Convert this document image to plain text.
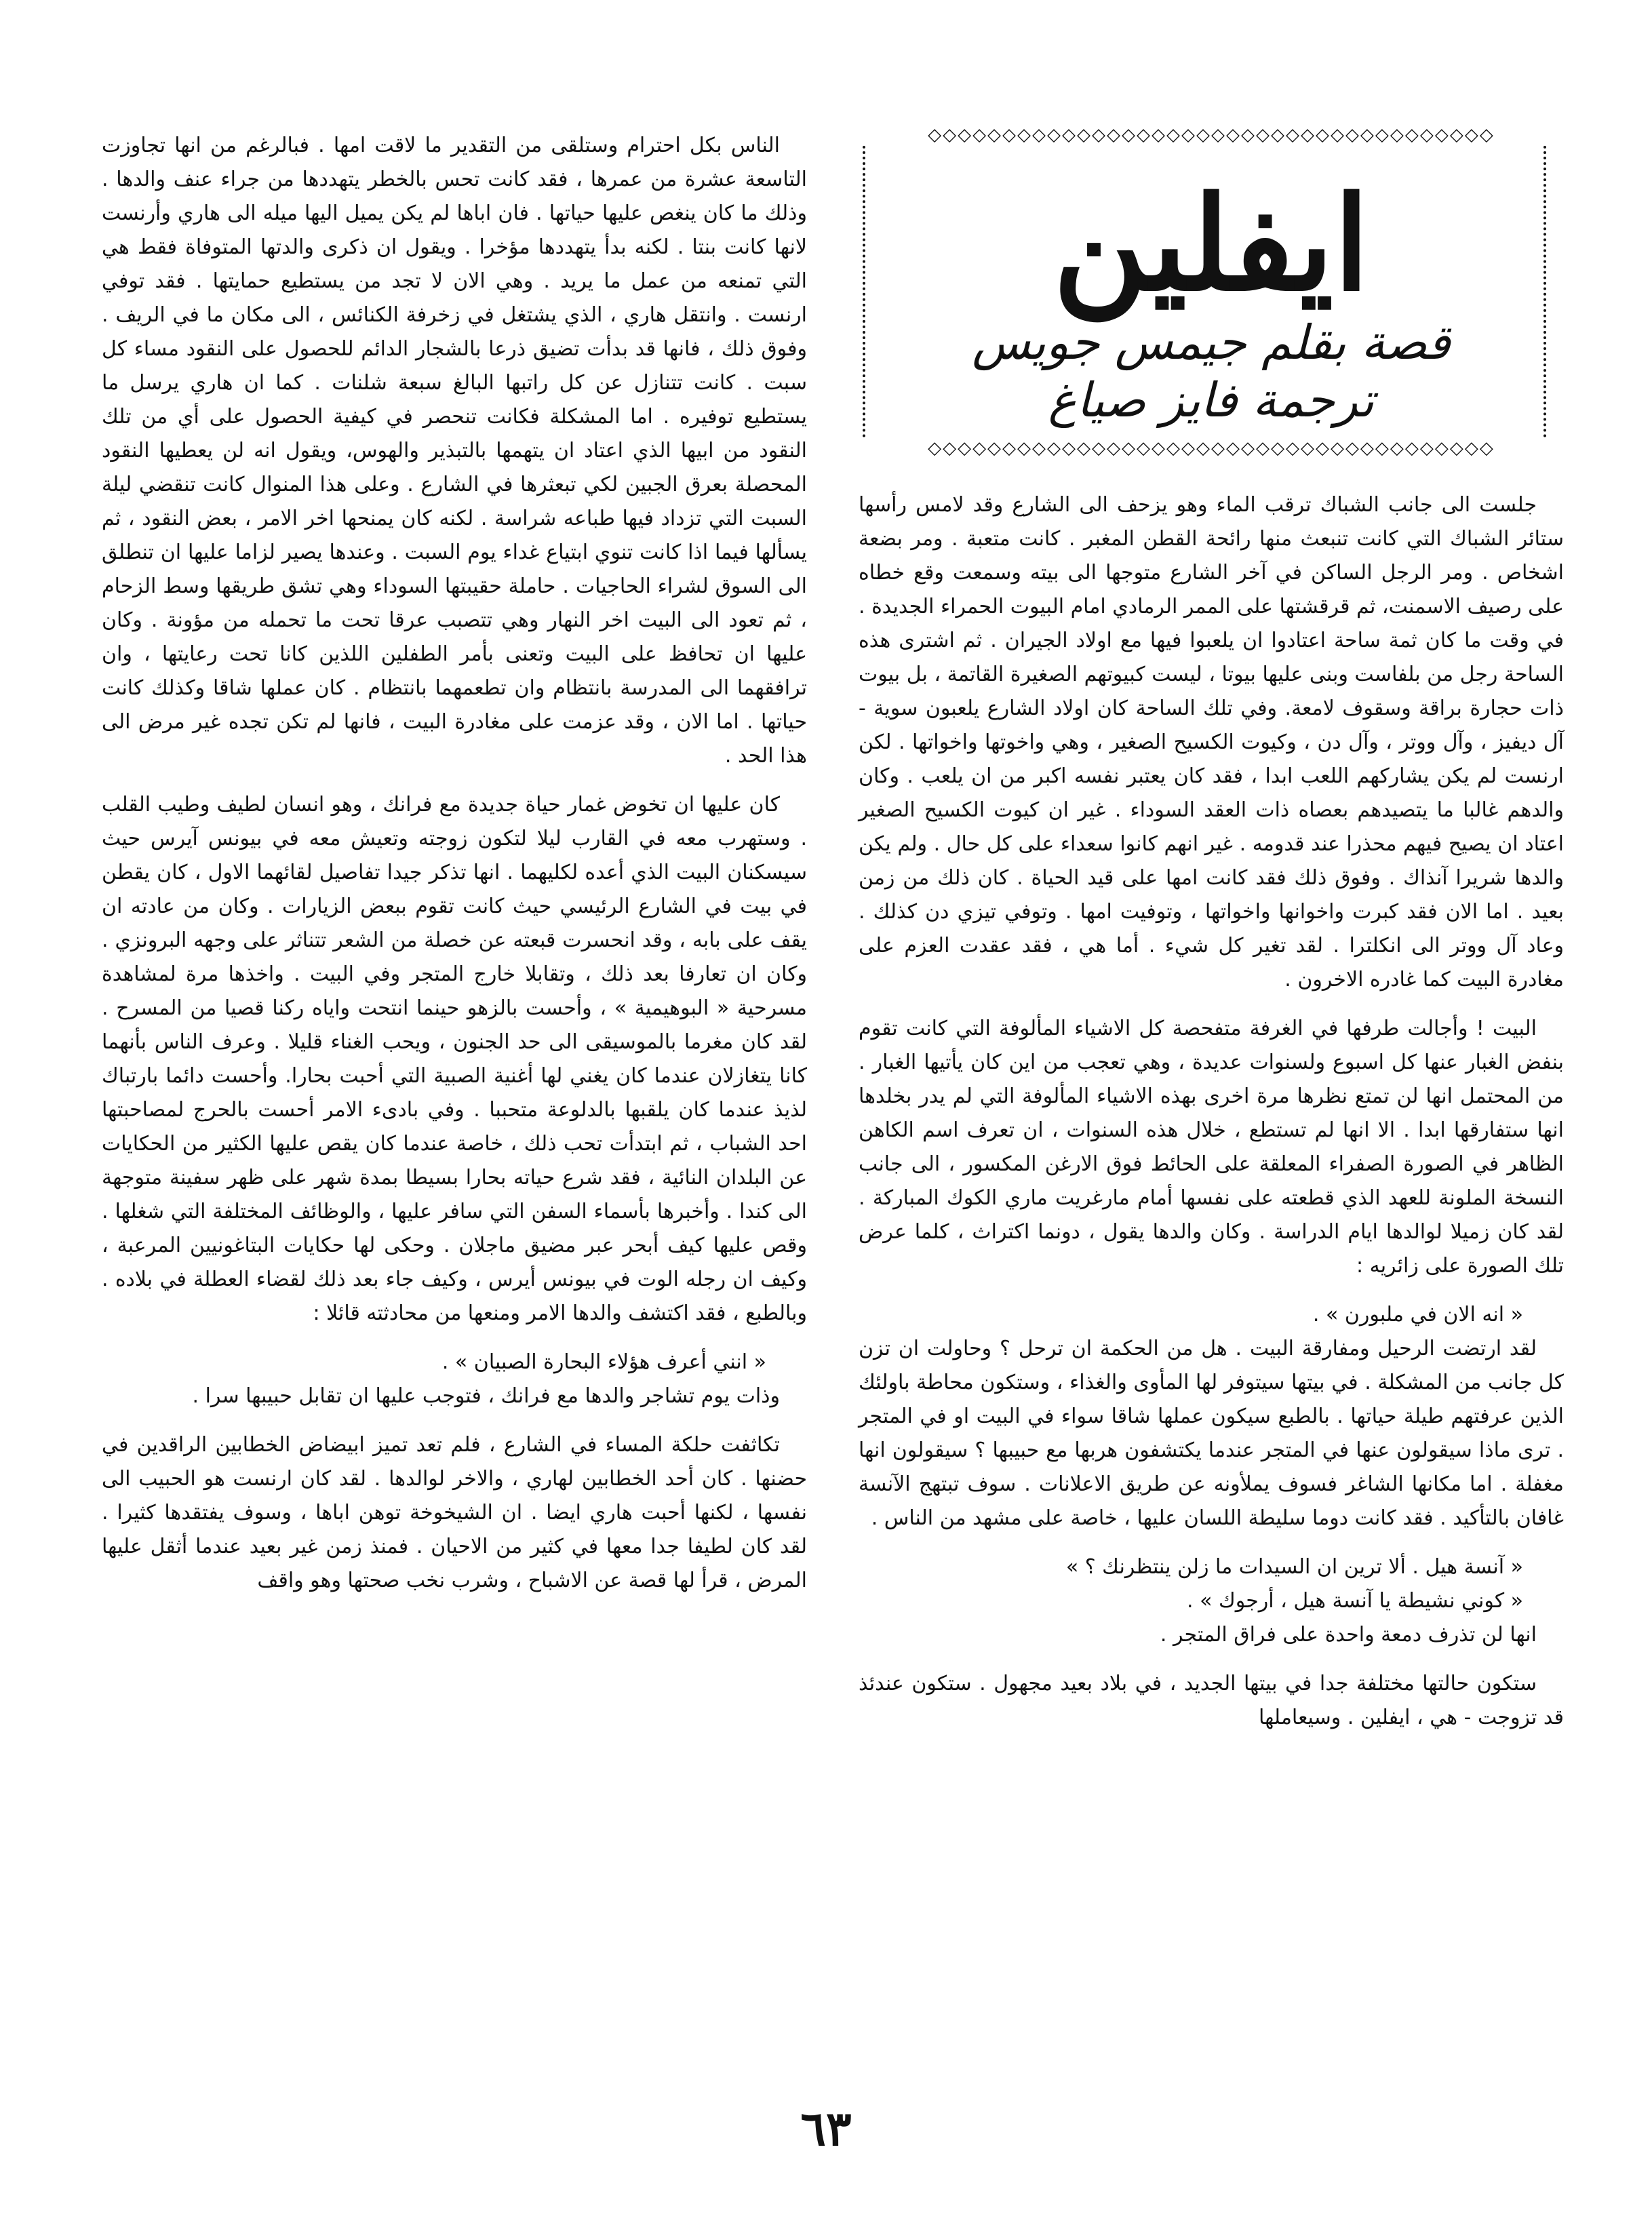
◇◇◇◇◇◇◇◇◇◇◇◇◇◇◇◇◇◇◇◇◇◇◇◇◇◇◇◇◇◇◇◇◇◇◇◇◇◇
ايفلين
قصة بقلم جيمس جويس
ترجمة فايز صياغ
◇◇◇◇◇◇◇◇◇◇◇◇◇◇◇◇◇◇◇◇◇◇◇◇◇◇◇◇◇◇◇◇◇◇◇◇◇◇

جلست الى جانب الشباك ترقب الماء وهو يزحف الى الشارع وقد لامس رأسها ستائر الشباك التي كانت تنبعث منها رائحة القطن المغبر . كانت متعبة . ومر بضعة اشخاص . ومر الرجل الساكن في آخر الشارع متوجها الى بيته وسمعت وقع خطاه على رصيف الاسمنت، ثم قرقشتها على الممر الرمادي امام البيوت الحمراء الجديدة . في وقت ما كان ثمة ساحة اعتادوا ان يلعبوا فيها مع اولاد الجيران . ثم اشترى هذه الساحة رجل من بلفاست وبنى عليها بيوتا ، ليست كبيوتهم الصغيرة القاتمة ، بل بيوت ذات حجارة براقة وسقوف لامعة. وفي تلك الساحة كان اولاد الشارع يلعبون سوية - آل ديفيز ، وآل ووتر ، وآل دن ، وكيوت الكسيح الصغير ، وهي واخوتها واخواتها . لكن ارنست لم يكن يشاركهم اللعب ابدا ، فقد كان يعتبر نفسه اكبر من ان يلعب . وكان والدهم غالبا ما يتصيدهم بعصاه ذات العقد السوداء . غير ان كيوت الكسيح الصغير اعتاد ان يصيح فيهم محذرا عند قدومه . غير انهم كانوا سعداء على كل حال . ولم يكن والدها شريرا آنذاك . وفوق ذلك فقد كانت امها على قيد الحياة . كان ذلك من زمن بعيد . اما الان فقد كبرت واخوانها واخواتها ، وتوفيت امها . وتوفي تيزي دن كذلك . وعاد آل ووتر الى انكلترا . لقد تغير كل شيء . أما هي ، فقد عقدت العزم على مغادرة البيت كما غادره الاخرون .

البيت ! وأجالت طرفها في الغرفة متفحصة كل الاشياء المألوفة التي كانت تقوم بنفض الغبار عنها كل اسبوع ولسنوات عديدة ، وهي تعجب من اين كان يأتيها الغبار . من المحتمل انها لن تمتع نظرها مرة اخرى بهذه الاشياء المألوفة التي لم يدر بخلدها انها ستفارقها ابدا . الا انها لم تستطع ، خلال هذه السنوات ، ان تعرف اسم الكاهن الظاهر في الصورة الصفراء المعلقة على الحائط فوق الارغن المكسور ، الى جانب النسخة الملونة للعهد الذي قطعته على نفسها أمام مارغريت ماري الكوك المباركة . لقد كان زميلا لوالدها ايام الدراسة . وكان والدها يقول ، دونما اكتراث ، كلما عرض تلك الصورة على زائريه :

« انه الان في ملبورن » .

لقد ارتضت الرحيل ومفارقة البيت . هل من الحكمة ان ترحل ؟ وحاولت ان تزن كل جانب من المشكلة . في بيتها سيتوفر لها المأوى والغذاء ، وستكون محاطة باولئك الذين عرفتهم طيلة حياتها . بالطبع سيكون عملها شاقا سواء في البيت او في المتجر . ترى ماذا سيقولون عنها في المتجر عندما يكتشفون هربها مع حبيبها ؟ سيقولون انها مغفلة . اما مكانها الشاغر فسوف يملأونه عن طريق الاعلانات . سوف تبتهج الآنسة غافان بالتأكيد . فقد كانت دوما سليطة اللسان عليها ، خاصة على مشهد من الناس .

« آنسة هيل . ألا ترين ان السيدات ما زلن ينتظرنك ؟ »

« كوني نشيطة يا آنسة هيل ، أرجوك » .

انها لن تذرف دمعة واحدة على فراق المتجر .

ستكون حالتها مختلفة جدا في بيتها الجديد ، في بلاد بعيد مجهول . ستكون عندئذ قد تزوجت - هي ، ايفلين . وسيعاملها

الناس بكل احترام وستلقى من التقدير ما لاقت امها . فبالرغم من انها تجاوزت التاسعة عشرة من عمرها ، فقد كانت تحس بالخطر يتهددها من جراء عنف والدها . وذلك ما كان ينغص عليها حياتها . فان اباها لم يكن يميل اليها ميله الى هاري وأرنست لانها كانت بنتا . لكنه بدأ يتهددها مؤخرا . ويقول ان ذكرى والدتها المتوفاة فقط هي التي تمنعه من عمل ما يريد . وهي الان لا تجد من يستطيع حمايتها . فقد توفي ارنست . وانتقل هاري ، الذي يشتغل في زخرفة الكنائس ، الى مكان ما في الريف . وفوق ذلك ، فانها قد بدأت تضيق ذرعا بالشجار الدائم للحصول على النقود مساء كل سبت . كانت تتنازل عن كل راتبها البالغ سبعة شلنات . كما ان هاري يرسل ما يستطيع توفيره . اما المشكلة فكانت تنحصر في كيفية الحصول على أي من تلك النقود من ابيها الذي اعتاد ان يتهمها بالتبذير والهوس، ويقول انه لن يعطيها النقود المحصلة بعرق الجبين لكي تبعثرها في الشارع . وعلى هذا المنوال كانت تنقضي ليلة السبت التي تزداد فيها طباعه شراسة . لكنه كان يمنحها اخر الامر ، بعض النقود ، ثم يسألها فيما اذا كانت تنوي ابتياع غداء يوم السبت . وعندها يصير لزاما عليها ان تنطلق الى السوق لشراء الحاجيات . حاملة حقيبتها السوداء وهي تشق طريقها وسط الزحام ، ثم تعود الى البيت اخر النهار وهي تتصبب عرقا تحت ما تحمله من مؤونة . وكان عليها ان تحافظ على البيت وتعنى بأمر الطفلين اللذين كانا تحت رعايتها ، وان ترافقهما الى المدرسة بانتظام وان تطعمهما بانتظام . كان عملها شاقا وكذلك كانت حياتها . اما الان ، وقد عزمت على مغادرة البيت ، فانها لم تكن تجده غير مرض الى هذا الحد .

كان عليها ان تخوض غمار حياة جديدة مع فرانك ، وهو انسان لطيف وطيب القلب . وستهرب معه في القارب ليلا لتكون زوجته وتعيش معه في بيونس آيرس حيث سيسكنان البيت الذي أعده لكليهما . انها تذكر جيدا تفاصيل لقائهما الاول ، كان يقطن في بيت في الشارع الرئيسي حيث كانت تقوم ببعض الزيارات . وكان من عادته ان يقف على بابه ، وقد انحسرت قبعته عن خصلة من الشعر تتناثر على وجهه البرونزي . وكان ان تعارفا بعد ذلك ، وتقابلا خارج المتجر وفي البيت . واخذها مرة لمشاهدة مسرحية « البوهيمية » ، وأحست بالزهو حينما انتحت واياه ركنا قصيا من المسرح . لقد كان مغرما بالموسيقى الى حد الجنون ، ويحب الغناء قليلا . وعرف الناس بأنهما كانا يتغازلان عندما كان يغني لها أغنية الصبية التي أحبت بحارا. وأحست دائما بارتباك لذيذ عندما كان يلقبها بالدلوعة متحببا . وفي بادىء الامر أحست بالحرج لمصاحبتها احد الشباب ، ثم ابتدأت تحب ذلك ، خاصة عندما كان يقص عليها الكثير من الحكايات عن البلدان النائية ، فقد شرع حياته بحارا بسيطا بمدة شهر على ظهر سفينة متوجهة الى كندا . وأخبرها بأسماء السفن التي سافر عليها ، والوظائف المختلفة التي شغلها . وقص عليها كيف أبحر عبر مضيق ماجلان . وحكى لها حكايات البتاغونيين المرعبة ، وكيف ان رجله الوت في بيونس أيرس ، وكيف جاء بعد ذلك لقضاء العطلة في بلاده . وبالطبع ، فقد اكتشف والدها الامر ومنعها من محادثته قائلا :

« انني أعرف هؤلاء البحارة الصبيان » .

وذات يوم تشاجر والدها مع فرانك ، فتوجب عليها ان تقابل حبيبها سرا .

تكاثفت حلكة المساء في الشارع ، فلم تعد تميز ابيضاض الخطابين الراقدين في حضنها . كان أحد الخطابين لهاري ، والاخر لوالدها . لقد كان ارنست هو الحبيب الى نفسها ، لكنها أحبت هاري ايضا . ان الشيخوخة توهن اباها ، وسوف يفتقدها كثيرا . لقد كان لطيفا جدا معها في كثير من الاحيان . فمنذ زمن غير بعيد عندما أثقل عليها المرض ، قرأ لها قصة عن الاشباح ، وشرب نخب صحتها وهو واقف

٦٣
